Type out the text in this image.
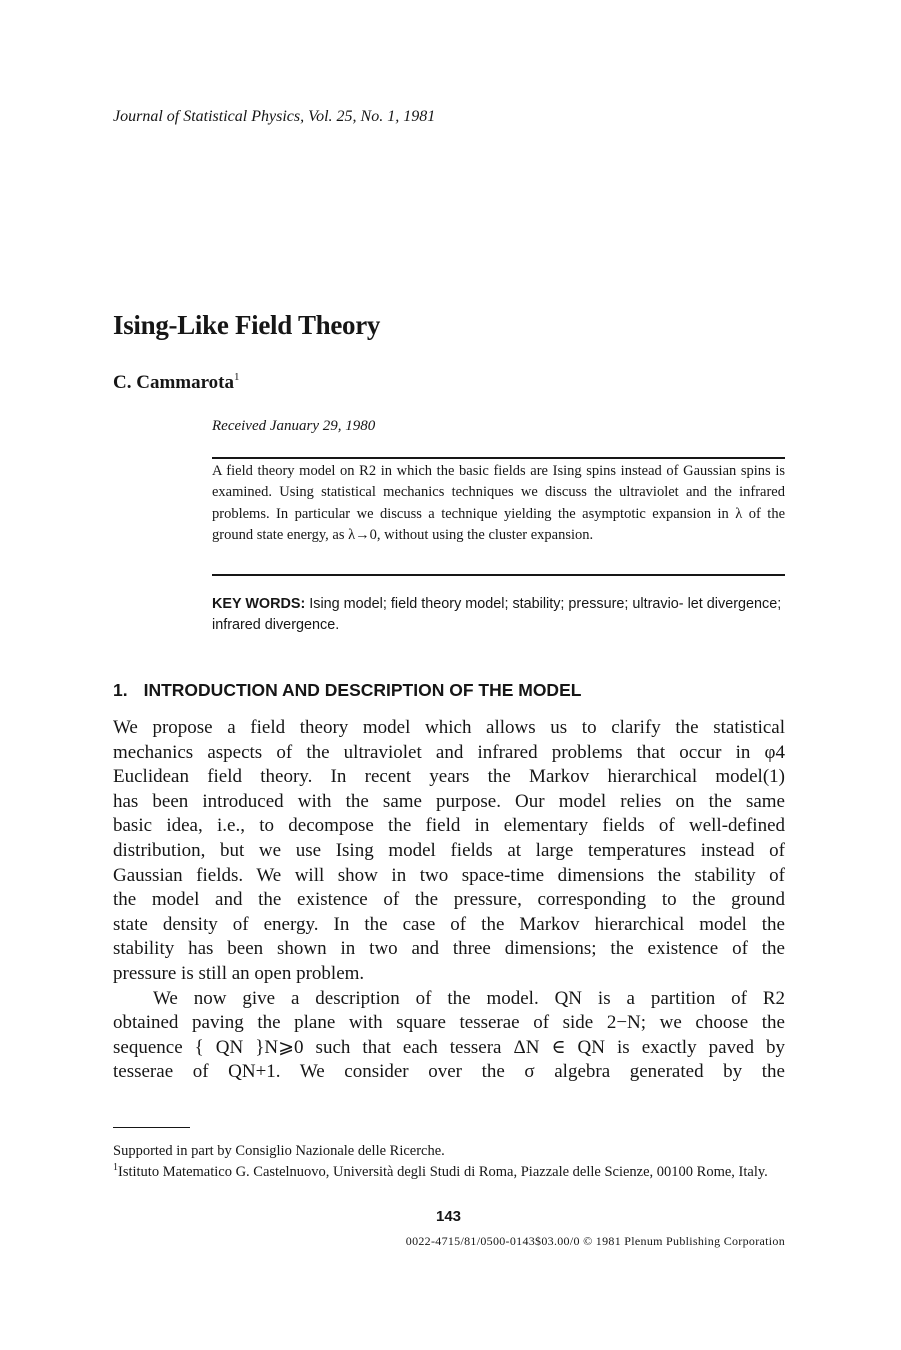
Journal of Statistical Physics, Vol. 25, No. 1, 1981
Ising-Like Field Theory
C. Cammarota$^1$
Received January 29, 1980
A field theory model on R2 in which the basic fields are Ising spins instead of Gaussian spins is examined. Using statistical mechanics techniques we discuss the ultraviolet and the infrared problems. In particular we discuss a technique yielding the asymptotic expansion in λ of the ground state energy, as λ→0, without using the cluster expansion.
KEY WORDS: Ising model; field theory model; stability; pressure; ultravio- let divergence; infrared divergence.
1. INTRODUCTION AND DESCRIPTION OF THE MODEL
We propose a field theory model which allows us to clarify the statistical
mechanics aspects of the ultraviolet and infrared problems that occur in φ4
Euclidean field theory. In recent years the Markov hierarchical model(1)
has been introduced with the same purpose. Our model relies on the same
basic idea, i.e., to decompose the field in elementary fields of well-defined
distribution, but we use Ising model fields at large temperatures instead of
Gaussian fields. We will show in two space-time dimensions the stability of
the model and the existence of the pressure, corresponding to the ground
state density of energy. In the case of the Markov hierarchical model the
stability has been shown in two and three dimensions; the existence of the
pressure is still an open problem.
We now give a description of the model. QN is a partition of R2
obtained paving the plane with square tesserae of side 2−N; we choose the
sequence { QN }N⩾0 such that each tessera ΔN ∈ QN is exactly paved by
tesserae of QN+1. We consider over the σ algebra generated by the
Supported in part by Consiglio Nazionale delle Ricerche.
$^1$Istituto Matematico G. Castelnuovo, Università degli Studi di Roma, Piazzale delle Scienze, 00100 Rome, Italy.
143
0022-4715/81/0500-0143$03.00/0 © 1981 Plenum Publishing Corporation
